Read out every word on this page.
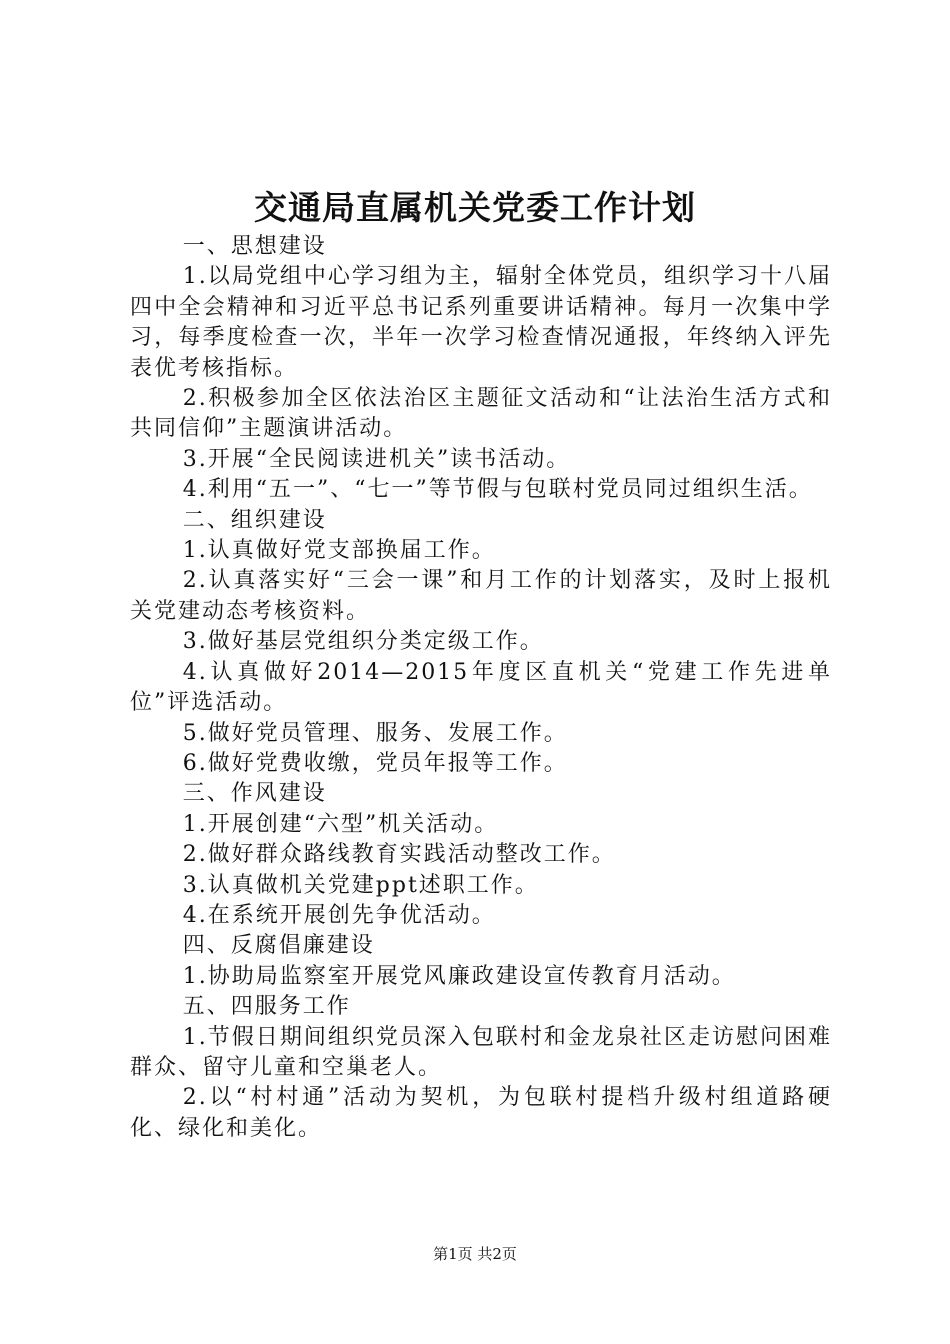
交通局直属机关党委工作计划

一、思想建设

1.以局党组中心学习组为主，辐射全体党员，组织学习十八届四中全会精神和习近平总书记系列重要讲话精神。每月一次集中学习，每季度检查一次，半年一次学习检查情况通报，年终纳入评先表优考核指标。

2.积极参加全区依法治区主题征文活动和“让法治生活方式和共同信仰”主题演讲活动。

3.开展“全民阅读进机关”读书活动。

4.利用“五一”、“七一”等节假与包联村党员同过组织生活。

二、组织建设

1.认真做好党支部换届工作。

2.认真落实好“三会一课”和月工作的计划落实，及时上报机关党建动态考核资料。

3.做好基层党组织分类定级工作。

4.认真做好2014—2015年度区直机关“党建工作先进单位”评选活动。

5.做好党员管理、服务、发展工作。

6.做好党费收缴，党员年报等工作。

三、作风建设

1.开展创建“六型”机关活动。

2.做好群众路线教育实践活动整改工作。

3.认真做机关党建ppt述职工作。

4.在系统开展创先争优活动。

四、反腐倡廉建设

1.协助局监察室开展党风廉政建设宣传教育月活动。

五、四服务工作

1.节假日期间组织党员深入包联村和金龙泉社区走访慰问困难群众、留守儿童和空巢老人。

2.以“村村通”活动为契机，为包联村提档升级村组道路硬化、绿化和美化。

第1页 共2页
